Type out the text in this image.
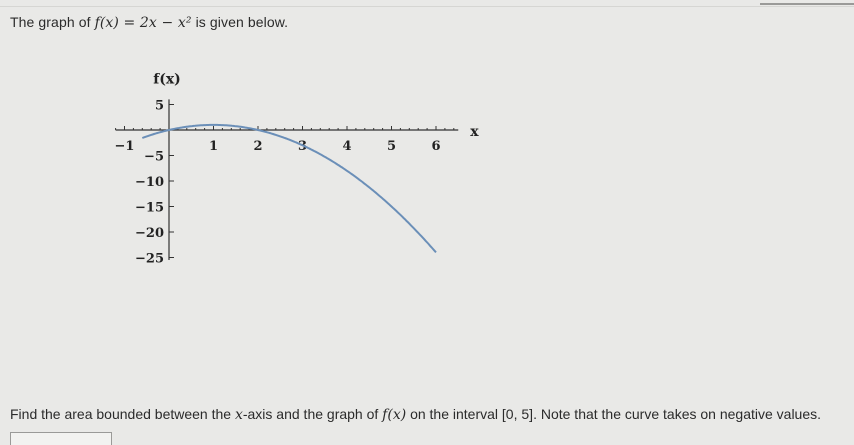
The graph of f(x) = 2x − x² is given below.
−1	1	2	3	4	5	6
5
−5
−10
−15
−20
−25
x
f(x)
Find the area bounded between the x-axis and the graph of f(x) on the interval [0, 5]. Note that the curve takes on negative values.
